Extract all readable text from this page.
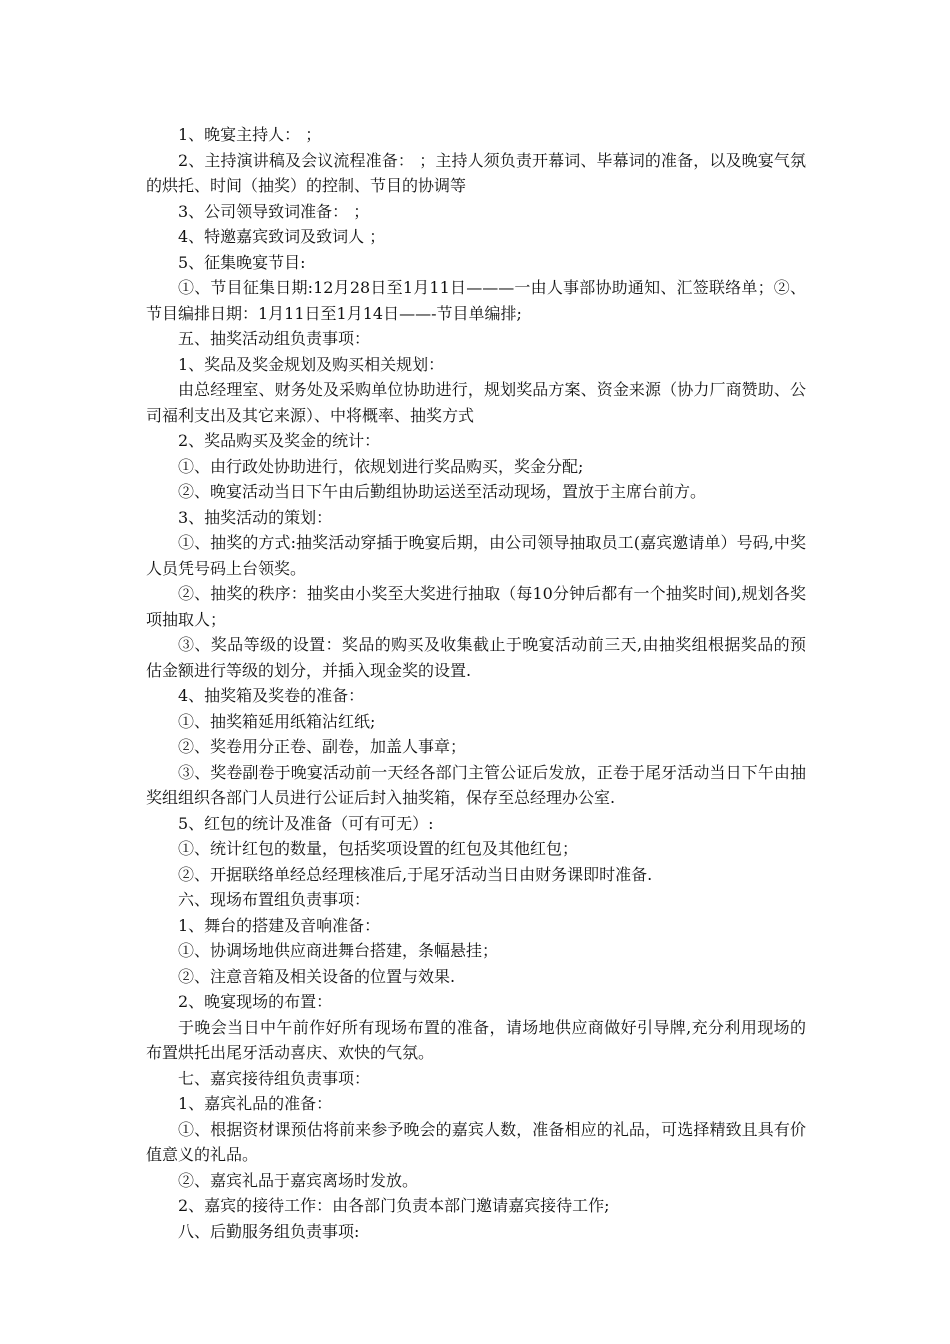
1、晚宴主持人： ；

2、主持演讲稿及会议流程准备： ；主持人须负责开幕词、毕幕词的准备，以及晚宴气氛的烘托、时间（抽奖）的控制、节目的协调等

3、公司领导致词准备： ；

4、特邀嘉宾致词及致词人 ；

5、征集晚宴节目:

①、节目征集日期:12月28日至1月11日———一由人事部协助通知、汇签联络单；②、节目编排日期：1月11日至1月14日——-节目单编排;

五、抽奖活动组负责事项：

1、奖品及奖金规划及购买相关规划：

由总经理室、财务处及采购单位协助进行，规划奖品方案、资金来源（协力厂商赞助、公司福利支出及其它来源）、中将概率、抽奖方式

2、奖品购买及奖金的统计：

①、由行政处协助进行，依规划进行奖品购买，奖金分配;

②、晚宴活动当日下午由后勤组协助运送至活动现场，置放于主席台前方。

3、抽奖活动的策划：

①、抽奖的方式:抽奖活动穿插于晚宴后期，由公司领导抽取员工(嘉宾邀请单）号码,中奖人员凭号码上台领奖。

②、抽奖的秩序：抽奖由小奖至大奖进行抽取（每10分钟后都有一个抽奖时间),规划各奖项抽取人；

③、奖品等级的设置：奖品的购买及收集截止于晚宴活动前三天,由抽奖组根据奖品的预估金额进行等级的划分，并插入现金奖的设置.

4、抽奖箱及奖卷的准备：

①、抽奖箱延用纸箱沾红纸;

②、奖卷用分正卷、副卷，加盖人事章；

③、奖卷副卷于晚宴活动前一天经各部门主管公证后发放，正卷于尾牙活动当日下午由抽奖组组织各部门人员进行公证后封入抽奖箱，保存至总经理办公室.

5、红包的统计及准备（可有可无）:

①、统计红包的数量，包括奖项设置的红包及其他红包；

②、开据联络单经总经理核准后,于尾牙活动当日由财务课即时准备.

六、现场布置组负责事项：

1、舞台的搭建及音响准备：

①、协调场地供应商进舞台搭建，条幅悬挂；

②、注意音箱及相关设备的位置与效果.

2、晚宴现场的布置：

于晚会当日中午前作好所有现场布置的准备，请场地供应商做好引导牌,充分利用现场的布置烘托出尾牙活动喜庆、欢快的气氛。

七、嘉宾接待组负责事项：

1、嘉宾礼品的准备：

①、根据资材课预估将前来参予晚会的嘉宾人数，准备相应的礼品，可选择精致且具有价值意义的礼品。

②、嘉宾礼品于嘉宾离场时发放。

2、嘉宾的接待工作：由各部门负责本部门邀请嘉宾接待工作;

八、后勤服务组负责事项:
